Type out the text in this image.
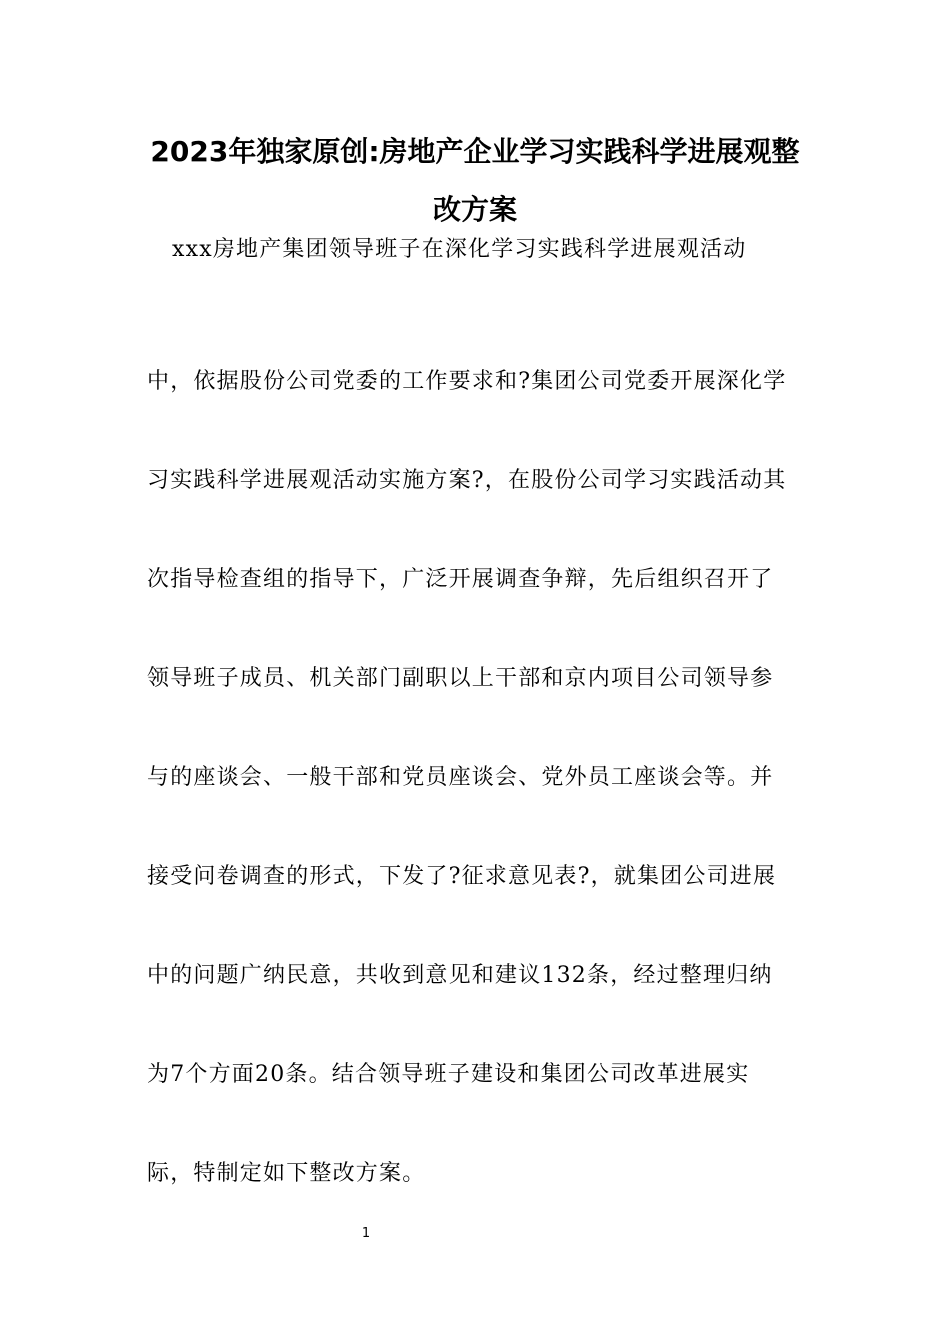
2023年独家原创:房地产企业学习实践科学进展观整
改方案
xxx房地产集团领导班子在深化学习实践科学进展观活动
中，依据股份公司党委的工作要求和?集团公司党委开展深化学
习实践科学进展观活动实施方案?，在股份公司学习实践活动其
次指导检查组的指导下，广泛开展调查争辩，先后组织召开了
领导班子成员、机关部门副职以上干部和京内项目公司领导参
与的座谈会、一般干部和党员座谈会、党外员工座谈会等。并
接受问卷调查的形式，下发了?征求意见表?，就集团公司进展
中的问题广纳民意，共收到意见和建议132条，经过整理归纳
为7个方面20条。结合领导班子建设和集团公司改革进展实
际，特制定如下整改方案。
1
